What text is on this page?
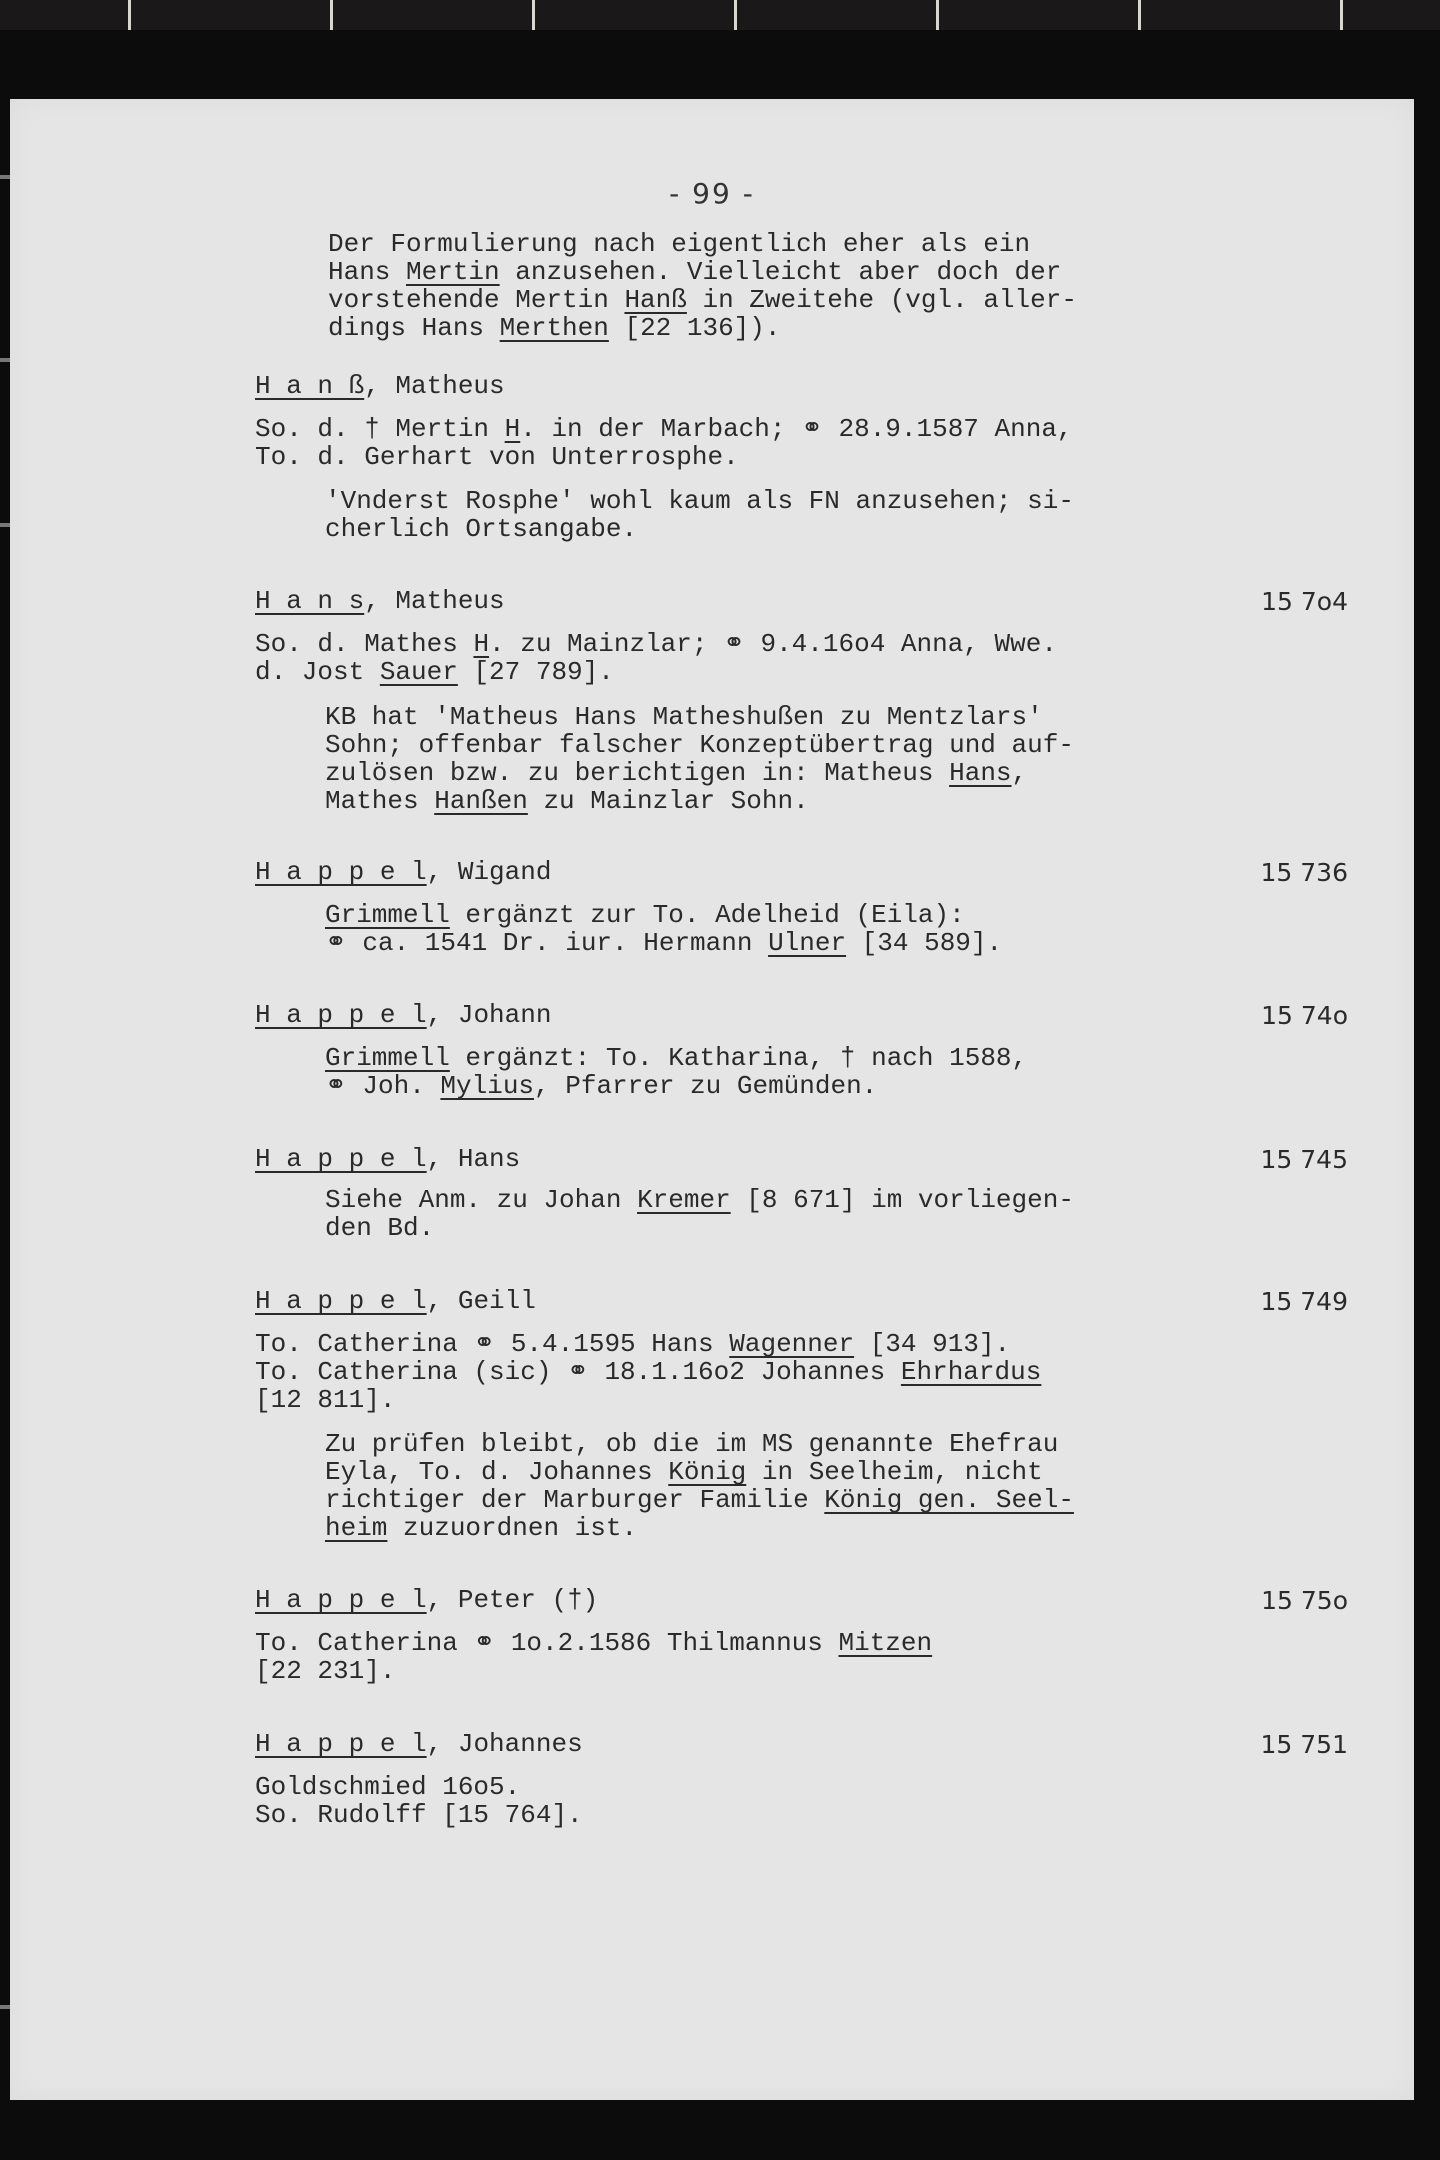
- 99 -
Der Formulierung nach eigentlich eher als ein
Hans Mertin anzusehen. Vielleicht aber doch der
vorstehende Mertin Hanß in Zweitehe (vgl. aller-
dings Hans Merthen [22 136]).
H a n ß, Matheus
So. d. † Mertin H. in der Marbach; ⚭ 28.9.1587 Anna,
To. d. Gerhart von Unterrosphe.
'Vnderst Rosphe' wohl kaum als FN anzusehen; si-
cherlich Ortsangabe.
H a n s, Matheus	15 7o4
So. d. Mathes H. zu Mainzlar; ⚭ 9.4.16o4 Anna, Wwe.
d. Jost Sauer [27 789].
KB hat 'Matheus Hans Matheshußen zu Mentzlars'
Sohn; offenbar falscher Konzeptübertrag und auf-
zulösen bzw. zu berichtigen in: Matheus Hans,
Mathes Hanßen zu Mainzlar Sohn.
H a p p e l, Wigand	15 736
Grimmell ergänzt zur To. Adelheid (Eila):
⚭ ca. 1541 Dr. iur. Hermann Ulner [34 589].
H a p p e l, Johann	15 74o
Grimmell ergänzt: To. Katharina, † nach 1588,
⚭ Joh. Mylius, Pfarrer zu Gemünden.
H a p p e l, Hans	15 745
Siehe Anm. zu Johan Kremer [8 671] im vorliegen-
den Bd.
H a p p e l, Geill	15 749
To. Catherina ⚭ 5.4.1595 Hans Wagenner [34 913].
To. Catherina (sic) ⚭ 18.1.16o2 Johannes Ehrhardus
[12 811].
Zu prüfen bleibt, ob die im MS genannte Ehefrau
Eyla, To. d. Johannes König in Seelheim, nicht
richtiger der Marburger Familie König gen. Seel-
heim zuzuordnen ist.
H a p p e l, Peter (†)	15 75o
To. Catherina ⚭ 1o.2.1586 Thilmannus Mitzen
[22 231].
H a p p e l, Johannes	15 751
Goldschmied 16o5.
So. Rudolff [15 764].
